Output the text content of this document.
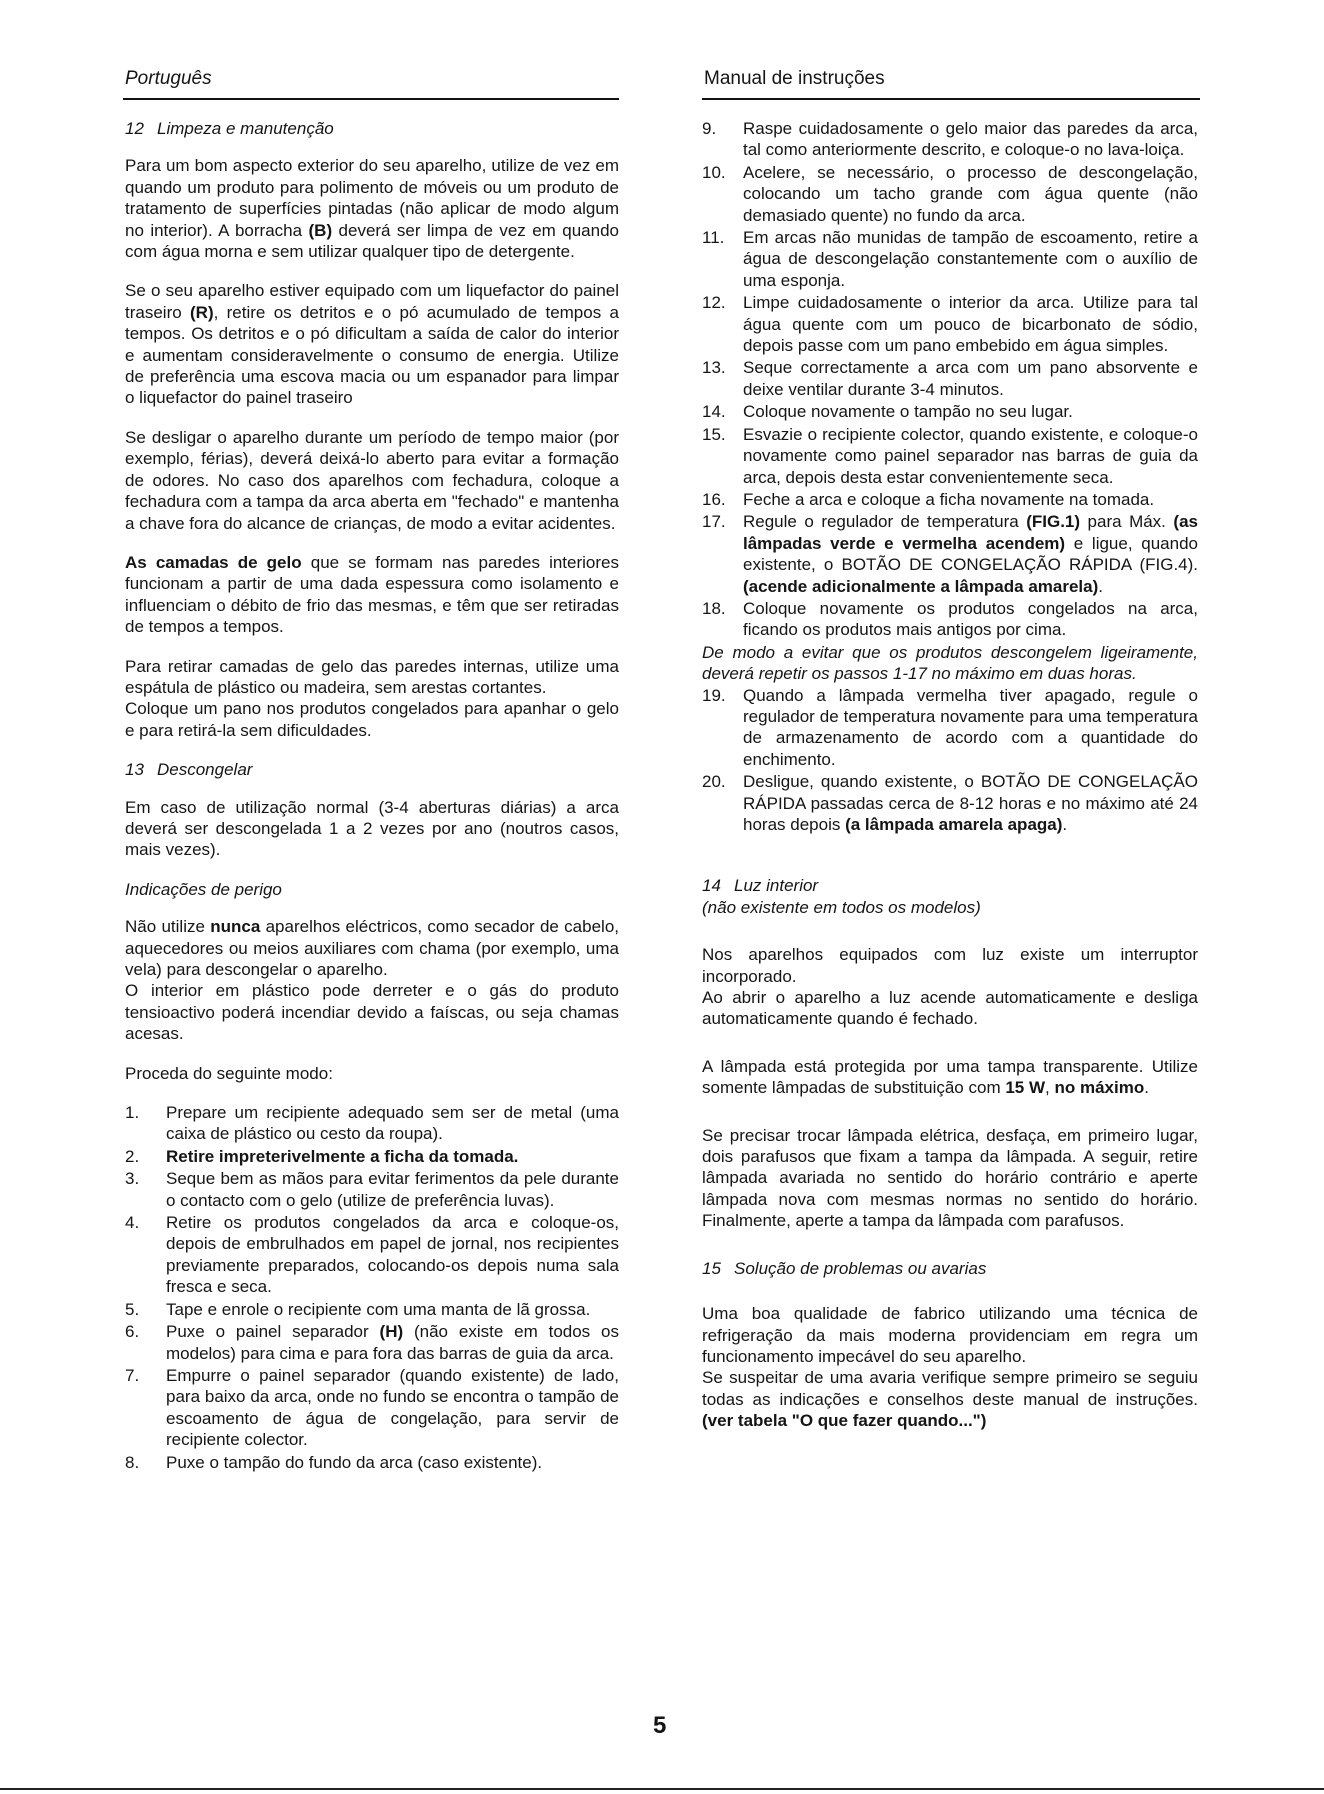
Português	Manual de instruções
12 Limpeza e manutenção

Para um bom aspecto exterior do seu aparelho, utilize de vez em quando um produto para polimento de móveis ou um produto de tratamento de superfícies pintadas (não aplicar de modo algum no interior). A borracha (B) deverá ser limpa de vez em quando com água morna e sem utilizar qualquer tipo de detergente.

Se o seu aparelho estiver equipado com um liquefactor do painel traseiro (R), retire os detritos e o pó acumulado de tempos a tempos. Os detritos e o pó dificultam a saída de calor do interior e aumentam consideravelmente o consumo de energia. Utilize de preferência uma escova macia ou um espanador para limpar o liquefactor do painel traseiro

Se desligar o aparelho durante um período de tempo maior (por exemplo, férias), deverá deixá-lo aberto para evitar a formação de odores. No caso dos aparelhos com fechadura, coloque a fechadura com a tampa da arca aberta em "fechado" e mantenha a chave fora do alcance de crianças, de modo a evitar acidentes.

As camadas de gelo que se formam nas paredes interiores funcionam a partir de uma dada espessura como isolamento e influenciam o débito de frio das mesmas, e têm que ser retiradas de tempos a tempos.

Para retirar camadas de gelo das paredes internas, utilize uma espátula de plástico ou madeira, sem arestas cortantes.

Coloque um pano nos produtos congelados para apanhar o gelo e para retirá-la sem dificuldades.

13 Descongelar

Em caso de utilização normal (3-4 aberturas diárias) a arca deverá ser descongelada 1 a 2 vezes por ano (noutros casos, mais vezes).

Indicações de perigo

Não utilize nunca aparelhos eléctricos, como secador de cabelo, aquecedores ou meios auxiliares com chama (por exemplo, uma vela) para descongelar o aparelho.

O interior em plástico pode derreter e o gás do produto tensioactivo poderá incendiar devido a faíscas, ou seja chamas acesas.

Proceda do seguinte modo:

1. Prepare um recipiente adequado sem ser de metal (uma caixa de plástico ou cesto da roupa).
2. Retire impreterivelmente a ficha da tomada.
3. Seque bem as mãos para evitar ferimentos da pele durante o contacto com o gelo (utilize de preferência luvas).
4. Retire os produtos congelados da arca e coloque-os, depois de embrulhados em papel de jornal, nos recipientes previamente preparados, colocando-os depois numa sala fresca e seca.
5. Tape e enrole o recipiente com uma manta de lã grossa.
6. Puxe o painel separador (H) (não existe em todos os modelos) para cima e para fora das barras de guia da arca.
7. Empurre o painel separador (quando existente) de lado, para baixo da arca, onde no fundo se encontra o tampão de escoamento de água de congelação, para servir de recipiente colector.
8. Puxe o tampão do fundo da arca (caso existente).
9. Raspe cuidadosamente o gelo maior das paredes da arca, tal como anteriormente descrito, e coloque-o no lava-loiça.
10. Acelere, se necessário, o processo de descongelação, colocando um tacho grande com água quente (não demasiado quente) no fundo da arca.
11. Em arcas não munidas de tampão de escoamento, retire a água de descongelação constantemente com o auxílio de uma esponja.
12. Limpe cuidadosamente o interior da arca. Utilize para tal água quente com um pouco de bicarbonato de sódio, depois passe com um pano embebido em água simples.
13. Seque correctamente a arca com um pano absorvente e deixe ventilar durante 3-4 minutos.
14. Coloque novamente o tampão no seu lugar.
15. Esvazie o recipiente colector, quando existente, e coloque-o novamente como painel separador nas barras de guia da arca, depois desta estar convenientemente seca.
16. Feche a arca e coloque a ficha novamente na tomada.
17. Regule o regulador de temperatura (FIG.1) para Máx. (as lâmpadas verde e vermelha acendem) e ligue, quando existente, o BOTÃO DE CONGELAÇÃO RÁPIDA (FIG.4). (acende adicionalmente a lâmpada amarela).
18. Coloque novamente os produtos congelados na arca, ficando os produtos mais antigos por cima.

De modo a evitar que os produtos descongelem ligeiramente, deverá repetir os passos 1-17 no máximo em duas horas.

19. Quando a lâmpada vermelha tiver apagado, regule o regulador de temperatura novamente para uma temperatura de armazenamento de acordo com a quantidade do enchimento.
20. Desligue, quando existente, o BOTÃO DE CONGELAÇÃO RÁPIDA passadas cerca de 8-12 horas e no máximo até 24 horas depois (a lâmpada amarela apaga).
14 Luz interior

(não existente em todos os modelos)

Nos aparelhos equipados com luz existe um interruptor incorporado.

Ao abrir o aparelho a luz acende automaticamente e desliga automaticamente quando é fechado.

A lâmpada está protegida por uma tampa transparente. Utilize somente lâmpadas de substituição com 15 W, no máximo.

Se precisar trocar lâmpada elétrica, desfaça, em primeiro lugar, dois parafusos que fixam a tampa da lâmpada. A seguir, retire lâmpada avariada no sentido do horário contrário e aperte lâmpada nova com mesmas normas no sentido do horário. Finalmente, aperte a tampa da lâmpada com parafusos.

15 Solução de problemas ou avarias

Uma boa qualidade de fabrico utilizando uma técnica de refrigeração da mais moderna providenciam em regra um funcionamento impecável do seu aparelho.

Se suspeitar de uma avaria verifique sempre primeiro se seguiu todas as indicações e conselhos deste manual de instruções. (ver tabela "O que fazer quando...")

5
